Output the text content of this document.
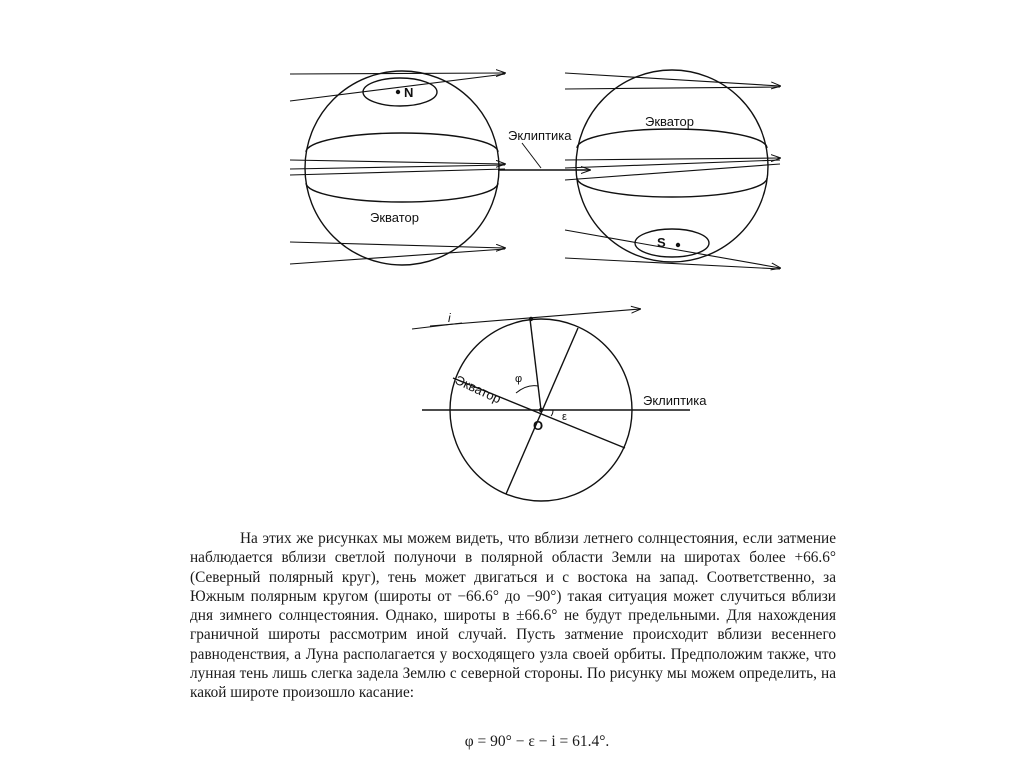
N
Экватор
Эклиптика
S
Экватор
i
Экватор	Эклиптика
O
φ
ε

На этих же рисунках мы можем видеть, что вблизи летнего солнцестояния, если затмение наблюдается вблизи светлой полуночи в полярной области Земли на широтах более +66.6° (Северный полярный круг), тень может двигаться и с востока на запад. Соответственно, за Южным полярным кругом (широты от −66.6° до −90°) такая ситуация может случиться вблизи дня зимнего солнцестояния. Однако, широты в ±66.6° не будут предельными. Для нахождения граничной широты рассмотрим иной случай. Пусть затмение происходит вблизи весеннего равноденствия, а Луна располагается у восходящего узла своей орбиты. Предположим также, что лунная тень лишь слегка задела Землю с северной стороны. По рисунку мы можем определить, на какой широте произошло касание:

φ = 90° − ε − i = 61.4°.
